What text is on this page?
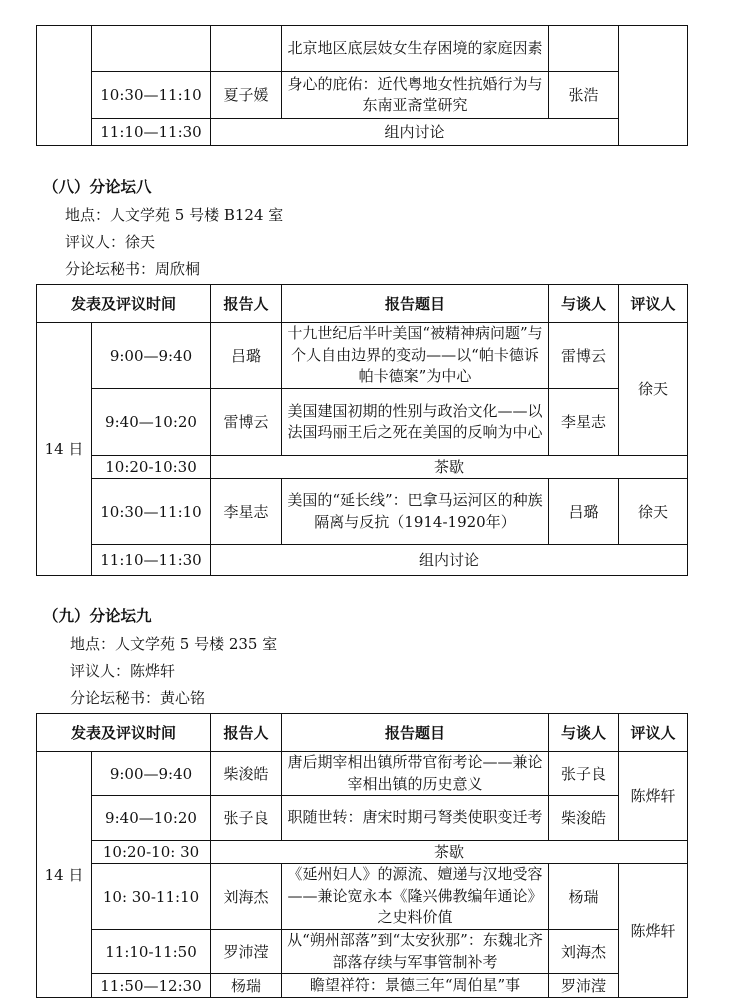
			北京地区底层妓女生存困境的家庭因素		
	10:30—11:10	夏子媛	身心的庇佑：近代粤地女性抗婚行为与东南亚斋堂研究	张浩	
	11:10—11:30	组内讨论			
（八）分论坛八
地点：人文学苑 5 号楼 B124 室
评议人：徐天
分论坛秘书：周欣桐
发表及评议时间		报告人	报告题目	与谈人	评议人
14 日	9:00—9:40	吕璐	十九世纪后半叶美国“被精神病问题”与个人自由边界的变动——以“帕卡德诉帕卡德案”为中心	雷博云	徐天
	9:40—10:20	雷博云	美国建国初期的性别与政治文化——以法国玛丽王后之死在美国的反响为中心	李星志	
	10:20-10:30	茶歇			
	10:30—11:10	李星志	美国的“延长线”：巴拿马运河区的种族隔离与反抗（1914-1920年）	吕璐	徐天
	11:10—11:30	组内讨论			
（九）分论坛九
地点：人文学苑 5 号楼 235 室
评议人：陈烨轩
分论坛秘书：黄心铭
发表及评议时间		报告人	报告题目	与谈人	评议人
14 日	9:00—9:40	柴浚皓	唐后期宰相出镇所带官衔考论——兼论宰相出镇的历史意义	张子良	陈烨轩
	9:40—10:20	张子良	职随世转：唐宋时期弓弩类使职变迁考	柴浚皓	
	10:20-10: 30	茶歇			
	10: 30-11:10	刘海杰	《延州妇人》的源流、嬗递与汉地受容——兼论宽永本《隆兴佛教编年通论》之史料价值	杨瑞	陈烨轩
	11:10-11:50	罗沛滢	从“朔州部落”到“太安狄那”：东魏北齐部落存续与军事管制补考	刘海杰	
	11:50—12:30	杨瑞	瞻望祥符：景德三年“周伯星”事	罗沛滢	
